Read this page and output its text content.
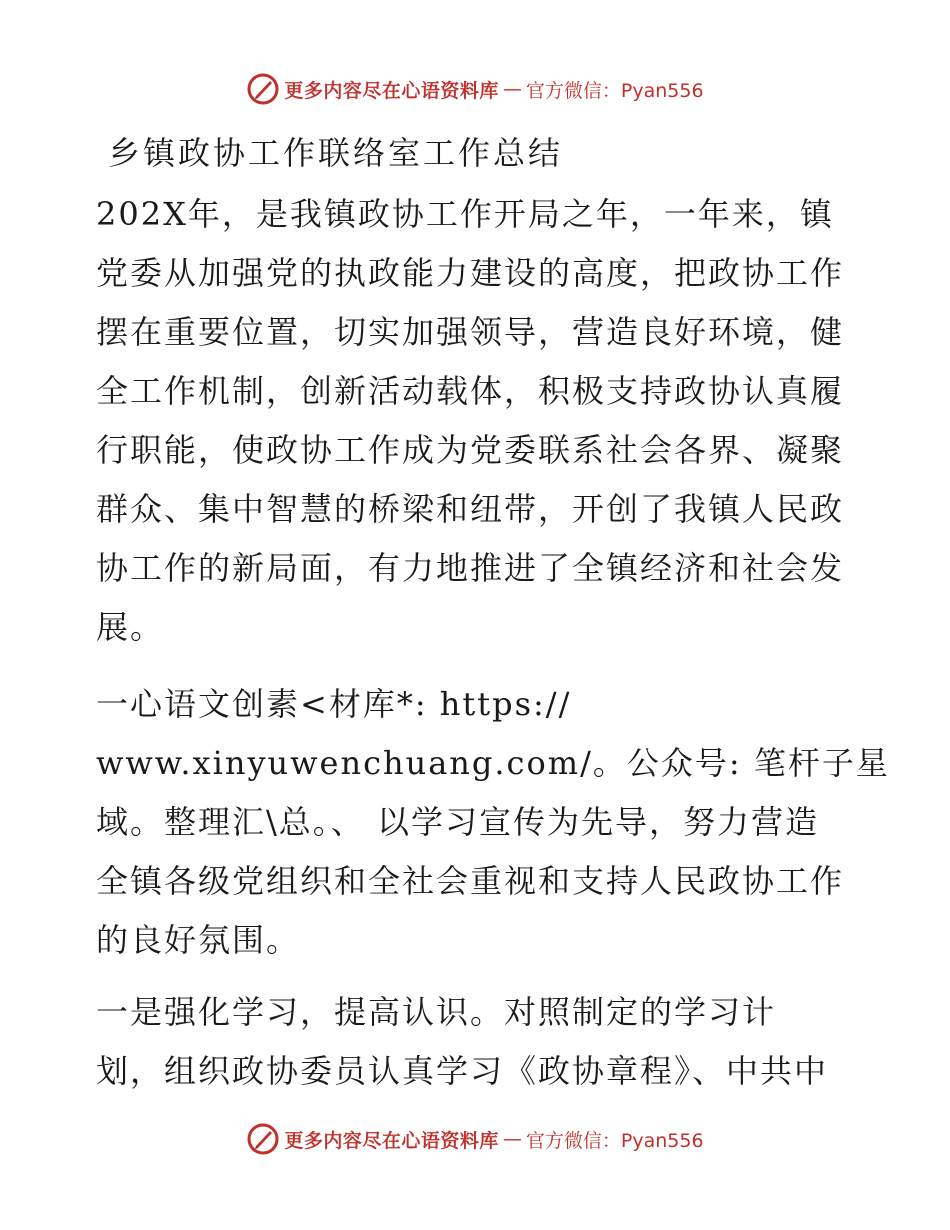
更多内容尽在心语资料库 — 官方微信：Pyan556
乡镇政协工作联络室工作总结
202X年，是我镇政协工作开局之年，一年来，镇
党委从加强党的执政能力建设的高度，把政协工作
摆在重要位置，切实加强领导，营造良好环境，健
全工作机制，创新活动载体，积极支持政协认真履
行职能，使政协工作成为党委联系社会各界、凝聚
群众、集中智慧的桥梁和纽带，开创了我镇人民政
协工作的新局面，有力地推进了全镇经济和社会发
展。
一心语文创素<材库*: https://
www.xinyuwenchuang.com/。公众号: 笔杆子星
域。整理汇\总。、 以学习宣传为先导，努力营造
全镇各级党组织和全社会重视和支持人民政协工作
的良好氛围。
一是强化学习，提高认识。对照制定的学习计
划，组织政协委员认真学习《政协章程》、中共中
更多内容尽在心语资料库 — 官方微信：Pyan556
